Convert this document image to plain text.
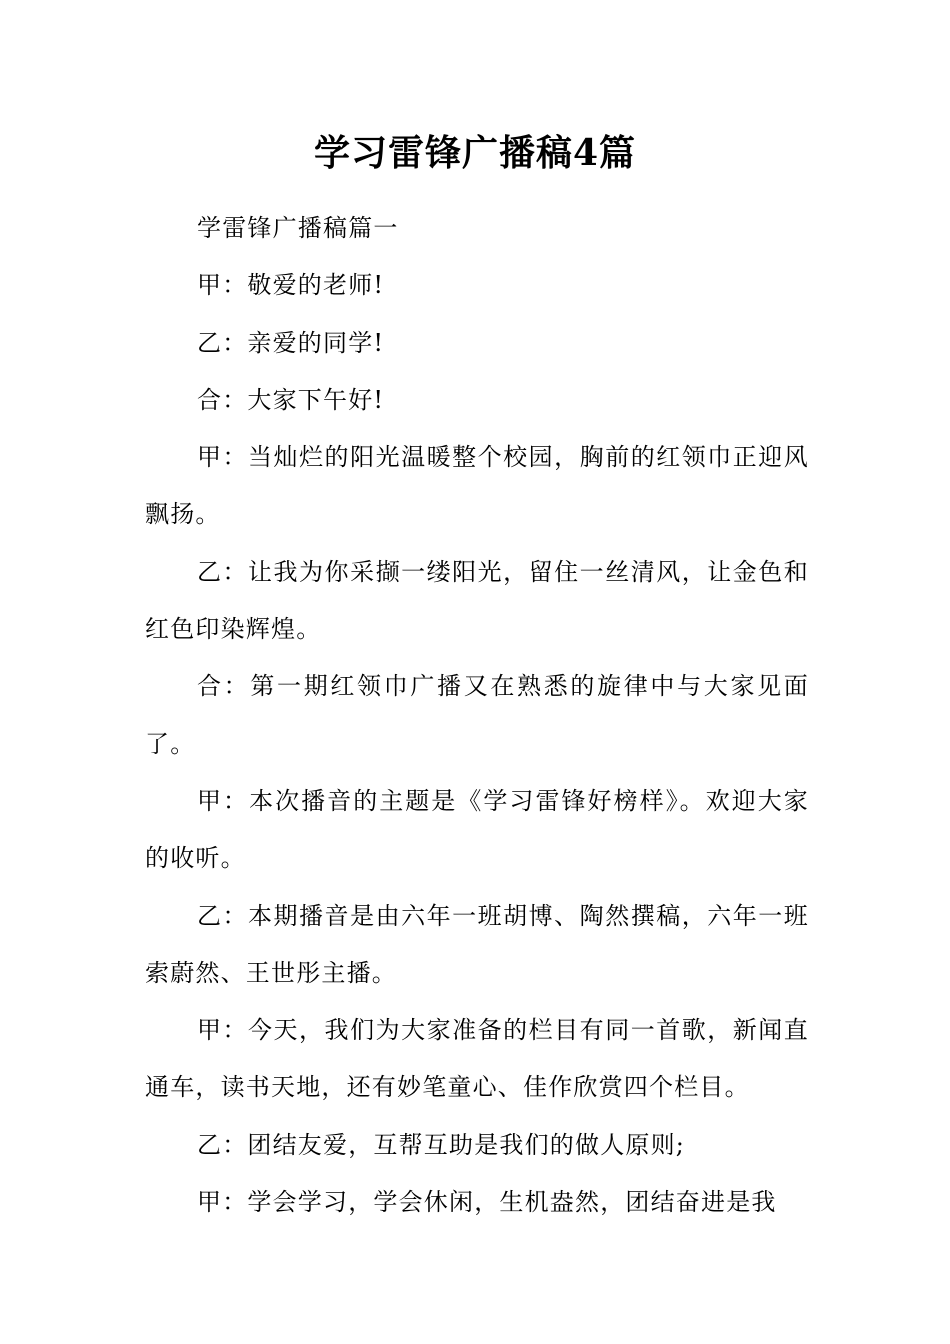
学习雷锋广播稿4篇

学雷锋广播稿篇一

甲：敬爱的老师!

乙：亲爱的同学!

合：大家下午好!

甲：当灿烂的阳光温暖整个校园，胸前的红领巾正迎风飘扬。

乙：让我为你采撷一缕阳光，留住一丝清风，让金色和红色印染辉煌。

合：第一期红领巾广播又在熟悉的旋律中与大家见面了。

甲：本次播音的主题是《学习雷锋好榜样》。欢迎大家的收听。

乙：本期播音是由六年一班胡博、陶然撰稿，六年一班索蔚然、王世彤主播。

甲：今天，我们为大家准备的栏目有同一首歌，新闻直通车，读书天地，还有妙笔童心、佳作欣赏四个栏目。

乙：团结友爱，互帮互助是我们的做人原则;

甲：学会学习，学会休闲，生机盎然，团结奋进是我
